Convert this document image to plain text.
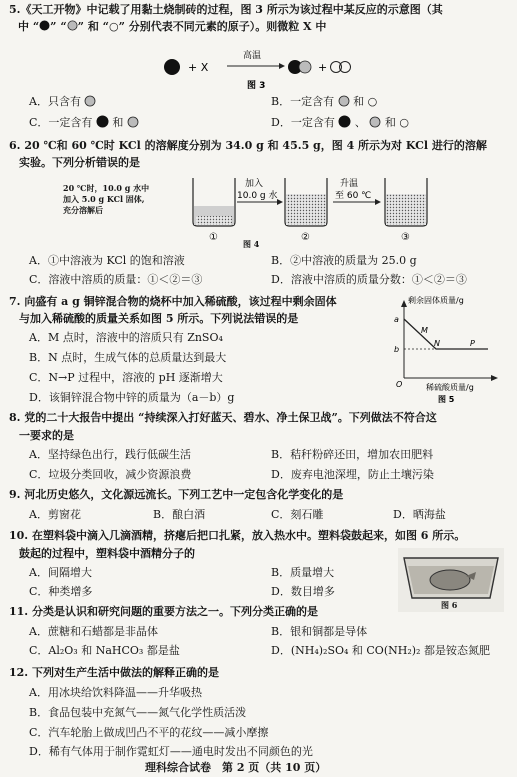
5.《天工开物》中记载了用黏土烧制砖的过程，图 3 所示为该过程中某反应的示意图（其
中 “ ” “ ” 和 “○” 分别代表不同元素的原子）。则微粒 X 中
+ X
高温
+
图 3
A．只含有	B．一定含有 和 ○
C．一定含有 和	D．一定含有 、 和 ○
6. 20 ℃和 60 ℃时 KCl 的溶解度分别为 34.0 g 和 45.5 g，图 4 所示为对 KCl 进行的溶解
实验。下列分析错误的是
20 ℃时，10.0 g 水中
加入 5.0 g KCl 固体,
充分溶解后
①
加入
10.0 g 水
②
升温
至 60 ℃
③
图 4
A．①中溶液为 KCl 的饱和溶液	B．②中溶液的质量为 25.0 g
C．溶液中溶质的质量：①＜②＝③	D．溶液中溶质的质量分数：①＜②＝③
7. 向盛有 a g 铜锌混合物的烧杯中加入稀硫酸，该过程中剩余固体
与加入稀硫酸的质量关系如图 5 所示。下列说法错误的是
A．M 点时，溶液中的溶质只有 ZnSO₄
B．N 点时，生成气体的总质量达到最大
C．N→P 过程中，溶液的 pH 逐渐增大
D．该铜锌混合物中锌的质量为（a－b）g
剩余固体质量/g
a
b
O
M
N	P
稀硫酸质量/g
图 5
8. 党的二十大报告中提出 “持续深入打好蓝天、碧水、净土保卫战”。下列做法不符合这
一要求的是
A．坚持绿色出行，践行低碳生活	B．秸秆粉碎还田，增加农田肥料
C．垃圾分类回收，减少资源浪费	D．废弃电池深埋，防止土壤污染
9. 河北历史悠久，文化源远流长。下列工艺中一定包含化学变化的是
A．剪窗花	B．酿白酒	C．刻石雕	D．晒海盐
10. 在塑料袋中滴入几滴酒精，挤瘪后把口扎紧，放入热水中。塑料袋鼓起来，如图 6 所示。
鼓起的过程中，塑料袋中酒精分子的
A．间隔增大	B．质量增大
C．种类增多	D．数目增多
图 6
11. 分类是认识和研究问题的重要方法之一。下列分类正确的是
A．蔗糖和石蜡都是非晶体	B．银和铜都是导体
C．Al₂O₃ 和 NaHCO₃ 都是盐	D．(NH₄)₂SO₄ 和 CO(NH₂)₂ 都是铵态氮肥
12. 下列对生产生活中做法的解释正确的是
A．用冰块给饮料降温——升华吸热
B．食品包装中充氮气——氮气化学性质活泼
C．汽车轮胎上做成凹凸不平的花纹——减小摩擦
D．稀有气体用于制作霓虹灯——通电时发出不同颜色的光
理科综合试卷　第 2 页（共 10 页）
